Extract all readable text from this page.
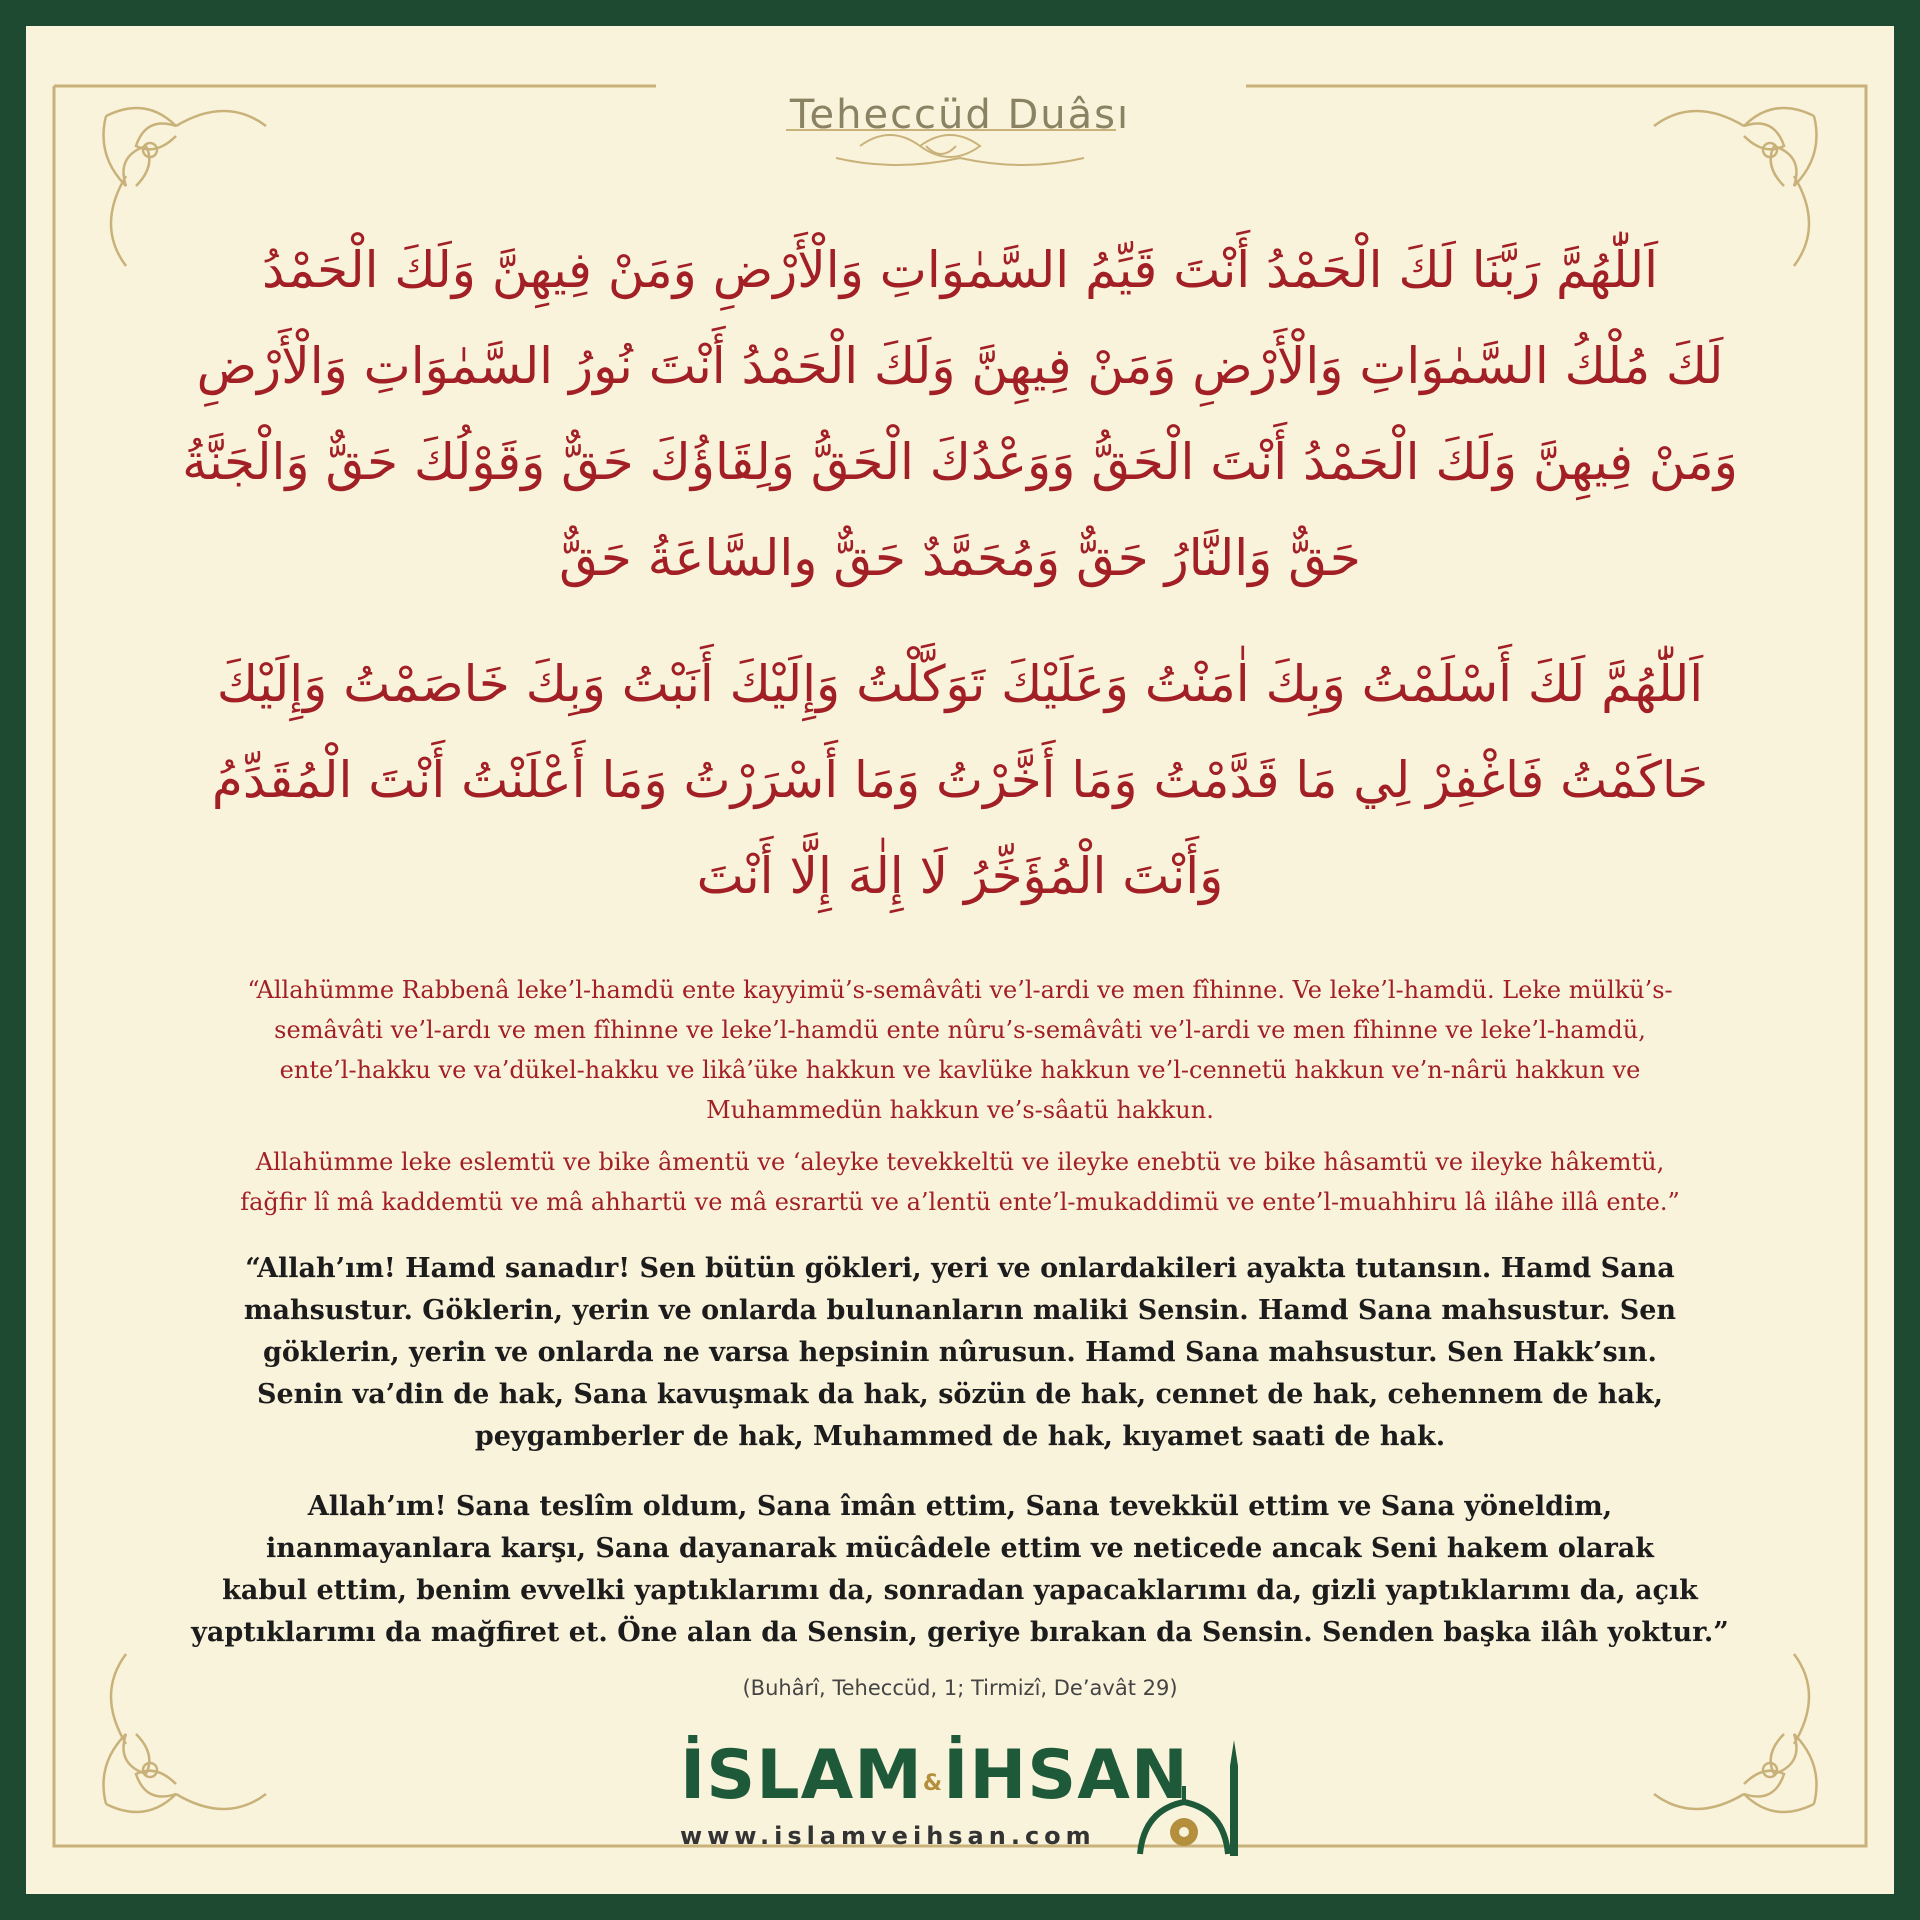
Teheccüd Duâsı
اَللّٰهُمَّ رَبَّنَا لَكَ الْحَمْدُ أَنْتَ قَيِّمُ السَّمٰوَاتِ وَالْأَرْضِ وَمَنْ فِيهِنَّ وَلَكَ الْحَمْدُ
لَكَ مُلْكُ السَّمٰوَاتِ وَالْأَرْضِ وَمَنْ فِيهِنَّ وَلَكَ الْحَمْدُ أَنْتَ نُورُ السَّمٰوَاتِ وَالْأَرْضِ
وَمَنْ فِيهِنَّ وَلَكَ الْحَمْدُ أَنْتَ الْحَقُّ وَوَعْدُكَ الْحَقُّ وَلِقَاؤُكَ حَقٌّ وَقَوْلُكَ حَقٌّ وَالْجَنَّةُ
حَقٌّ وَالنَّارُ حَقٌّ وَمُحَمَّدٌ حَقٌّ والسَّاعَةُ حَقٌّ
اَللّٰهُمَّ لَكَ أَسْلَمْتُ وَبِكَ اٰمَنْتُ وَعَلَيْكَ تَوَكَّلْتُ وَإِلَيْكَ أَنَبْتُ وَبِكَ خَاصَمْتُ وَإِلَيْكَ
حَاكَمْتُ فَاغْفِرْ لِي مَا قَدَّمْتُ وَمَا أَخَّرْتُ وَمَا أَسْرَرْتُ وَمَا أَعْلَنْتُ أَنْتَ الْمُقَدِّمُ
وَأَنْتَ الْمُؤَخِّرُ لَا إِلٰهَ إِلَّا أَنْتَ
“Allahümme Rabbenâ leke’l-hamdü ente kayyimü’s-semâvâti ve’l-ardi ve men fîhinne. Ve leke’l-hamdü. Leke mülkü’s-
semâvâti ve’l-ardı ve men fîhinne ve leke’l-hamdü ente nûru’s-semâvâti ve’l-ardi ve men fîhinne ve leke’l-hamdü,
ente’l-hakku ve va’dükel-hakku ve likâ’üke hakkun ve kavlüke hakkun ve’l-cennetü hakkun ve’n-nârü hakkun ve
Muhammedün hakkun ve’s-sâatü hakkun.
Allahümme leke eslemtü ve bike âmentü ve ‘aleyke tevekkeltü ve ileyke enebtü ve bike hâsamtü ve ileyke hâkemtü,
fağfir lî mâ kaddemtü ve mâ ahhartü ve mâ esrartü ve a’lentü ente’l-mukaddimü ve ente’l-muahhiru lâ ilâhe illâ ente.”
“Allah’ım! Hamd sanadır! Sen bütün gökleri, yeri ve onlardakileri ayakta tutansın. Hamd Sana
mahsustur. Göklerin, yerin ve onlarda bulunanların maliki Sensin. Hamd Sana mahsustur. Sen
göklerin, yerin ve onlarda ne varsa hepsinin nûrusun. Hamd Sana mahsustur. Sen Hakk’sın.
Senin va’din de hak, Sana kavuşmak da hak, sözün de hak, cennet de hak, cehennem de hak,
peygamberler de hak, Muhammed de hak, kıyamet saati de hak.
Allah’ım! Sana teslîm oldum, Sana îmân ettim, Sana tevekkül ettim ve Sana yöneldim,
inanmayanlara karşı, Sana dayanarak mücâdele ettim ve neticede ancak Seni hakem olarak
kabul ettim, benim evvelki yaptıklarımı da, sonradan yapacaklarımı da, gizli yaptıklarımı da, açık
yaptıklarımı da mağfiret et. Öne alan da Sensin, geriye bırakan da Sensin. Senden başka ilâh yoktur.”
(Buhârî, Teheccüd, 1; Tirmizî, De’avât 29)
İSLAM&İHSAN
www.islamveihsan.com
